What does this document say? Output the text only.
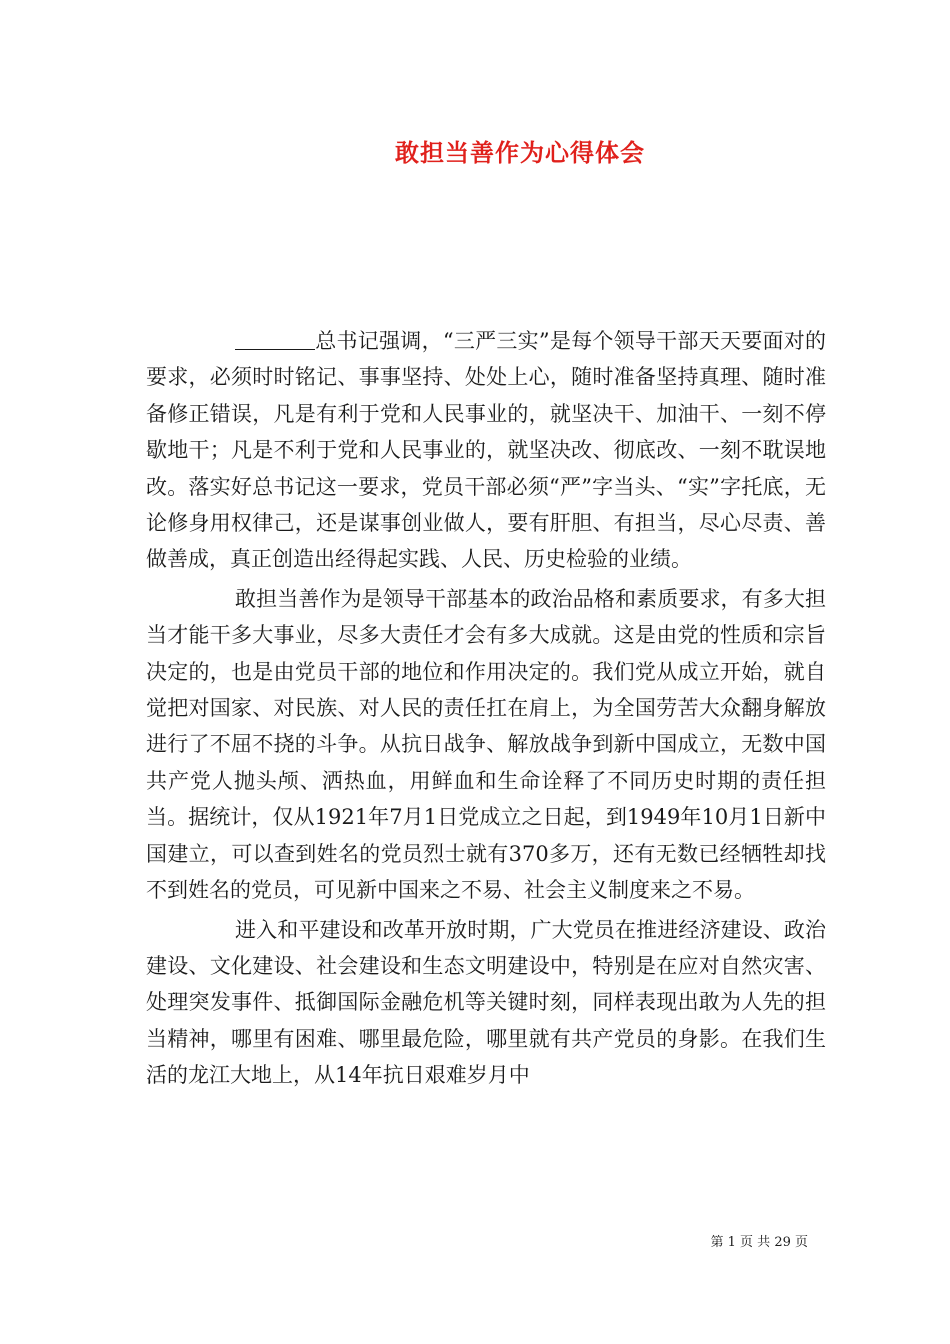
敢担当善作为心得体会

总书记强调，“三严三实”是每个领导干部天天要面对的要求，必须时时铭记、事事坚持、处处上心，随时准备坚持真理、随时准备修正错误，凡是有利于党和人民事业的，就坚决干、加油干、一刻不停歇地干；凡是不利于党和人民事业的，就坚决改、彻底改、一刻不耽误地改。落实好总书记这一要求，党员干部必须“严”字当头、“实”字托底，无论修身用权律己，还是谋事创业做人，要有肝胆、有担当，尽心尽责、善做善成，真正创造出经得起实践、人民、历史检验的业绩。

敢担当善作为是领导干部基本的政治品格和素质要求，有多大担当才能干多大事业，尽多大责任才会有多大成就。这是由党的性质和宗旨决定的，也是由党员干部的地位和作用决定的。我们党从成立开始，就自觉把对国家、对民族、对人民的责任扛在肩上，为全国劳苦大众翻身解放进行了不屈不挠的斗争。从抗日战争、解放战争到新中国成立，无数中国共产党人抛头颅、洒热血，用鲜血和生命诠释了不同历史时期的责任担当。据统计，仅从1921年7月1日党成立之日起，到1949年10月1日新中国建立，可以查到姓名的党员烈士就有370多万，还有无数已经牺牲却找不到姓名的党员，可见新中国来之不易、社会主义制度来之不易。

进入和平建设和改革开放时期，广大党员在推进经济建设、政治建设、文化建设、社会建设和生态文明建设中，特别是在应对自然灾害、处理突发事件、抵御国际金融危机等关键时刻，同样表现出敢为人先的担当精神，哪里有困难、哪里最危险，哪里就有共产党员的身影。在我们生活的龙江大地上，从14年抗日艰难岁月中

第 1 页 共 29 页
